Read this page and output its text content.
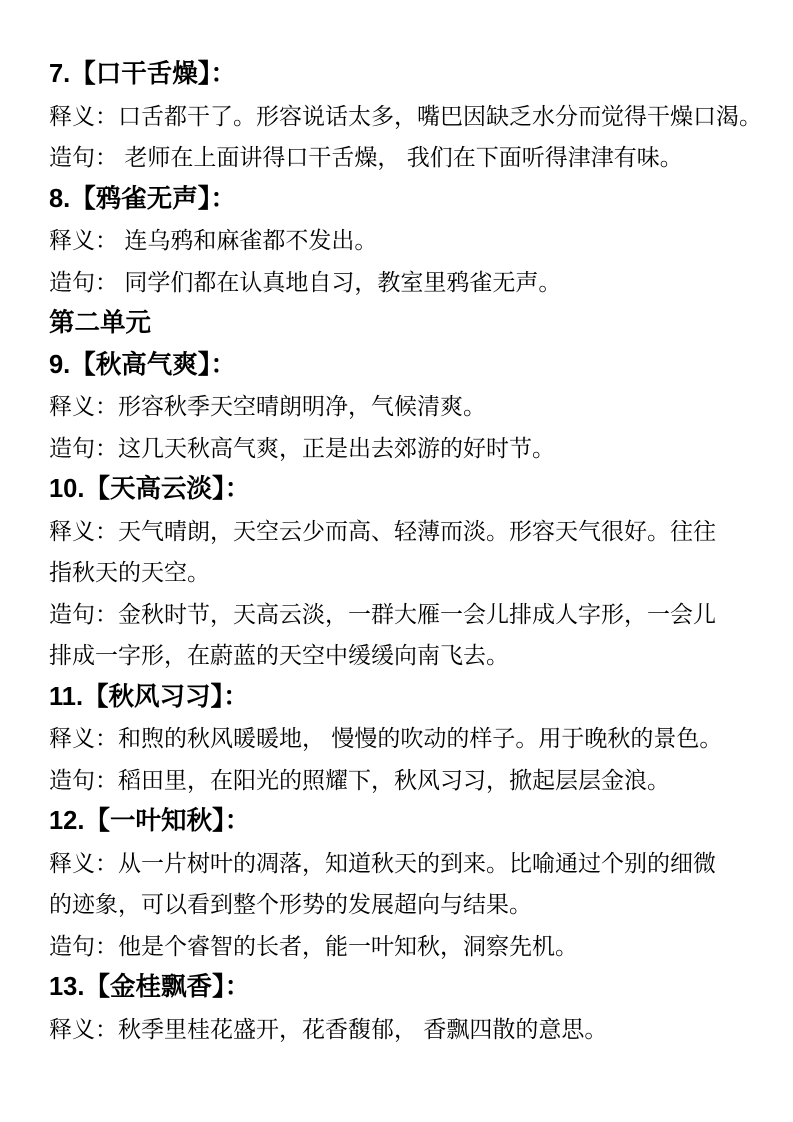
7.【口干舌燥】：
释义：口舌都干了。形容说话太多，嘴巴因缺乏水分而觉得干燥口渴。
造句： 老师在上面讲得口干舌燥， 我们在下面听得津津有味。
8.【鸦雀无声】：
释义： 连乌鸦和麻雀都不发出。
造句： 同学们都在认真地自习，教室里鸦雀无声。
第二单元
9.【秋高气爽】：
释义：形容秋季天空晴朗明净，气候清爽。
造句：这几天秋高气爽，正是出去郊游的好时节。
10.【天高云淡】：
释义：天气晴朗，天空云少而高、轻薄而淡。形容天气很好。往往
指秋天的天空。
造句：金秋时节，天高云淡，一群大雁一会儿排成人字形，一会儿
排成一字形，在蔚蓝的天空中缓缓向南飞去。
11.【秋风习习】：
释义：和煦的秋风暖暖地， 慢慢的吹动的样子。用于晚秋的景色。
造句：稻田里，在阳光的照耀下，秋风习习，掀起层层金浪。
12.【一叶知秋】：
释义：从一片树叶的凋落，知道秋天的到来。比喻通过个别的细微
的迹象，可以看到整个形势的发展超向与结果。
造句：他是个睿智的长者，能一叶知秋，洞察先机。
13.【金桂飘香】：
释义：秋季里桂花盛开，花香馥郁， 香飘四散的意思。
